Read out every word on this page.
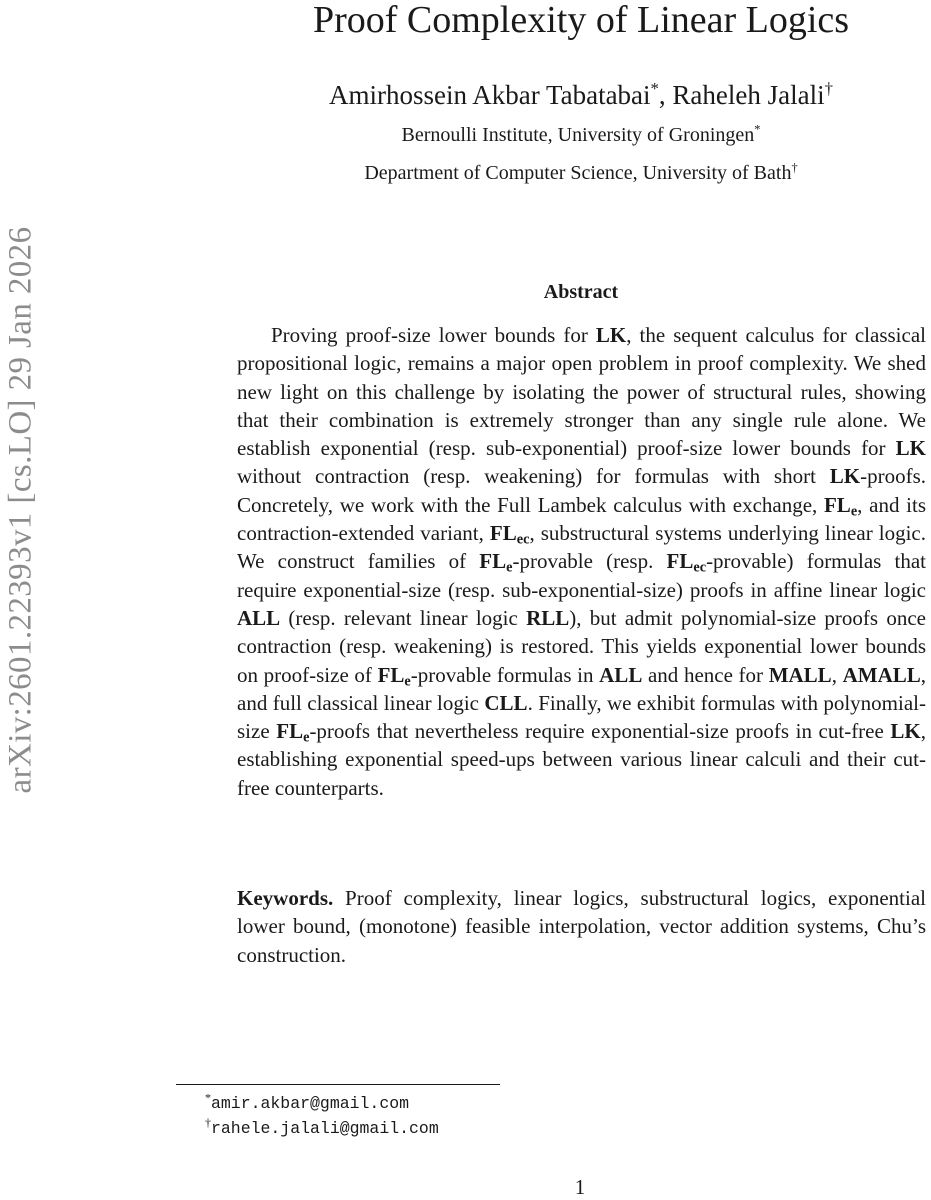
arXiv:2601.22393v1 [cs.LO] 29 Jan 2026
Proof Complexity of Linear Logics
Amirhossein Akbar Tabatabai*, Raheleh Jalali†
Bernoulli Institute, University of Groningen*
Department of Computer Science, University of Bath†
Abstract

Proving proof-size lower bounds for LK, the sequent calculus for classical propositional logic, remains a major open problem in proof complexity. We shed new light on this challenge by isolating the power of structural rules, showing that their combination is extremely stronger than any single rule alone. We establish exponential (resp. sub-exponential) proof-size lower bounds for LK without contraction (resp. weakening) for formulas with short LK-proofs. Concretely, we work with the Full Lambek calculus with exchange, $FL_e$, and its contraction-extended variant, $FL_{ec}$, substructural systems underlying linear logic. We construct families of $FL_e$-provable (resp. $FL_{ec}-provable$) formulas that require exponential-size (resp. sub-exponential-size) proofs in affine linear logic ALL (resp. relevant linear logic RLL), but admit polynomial-size proofs once contraction (resp. weakening) is restored. This yields exponential lower bounds on proof-size of $FL_e$-provable formulas in ALL and hence for MALL, AMALL, and full classical linear logic CLL. Finally, we exhibit formulas with polynomial-size $FL_e$-proofs that nevertheless require exponential-size proofs in cut-free LK, establishing exponential speed-ups between various linear calculi and their cut-free counterparts.

Keywords. Proof complexity, linear logics, substructural logics, exponential lower bound, (monotone) feasible interpolation, vector addition systems, Chu’s construction.

*amir.akbar@gmail.com
†rahele.jalali@gmail.com
1
